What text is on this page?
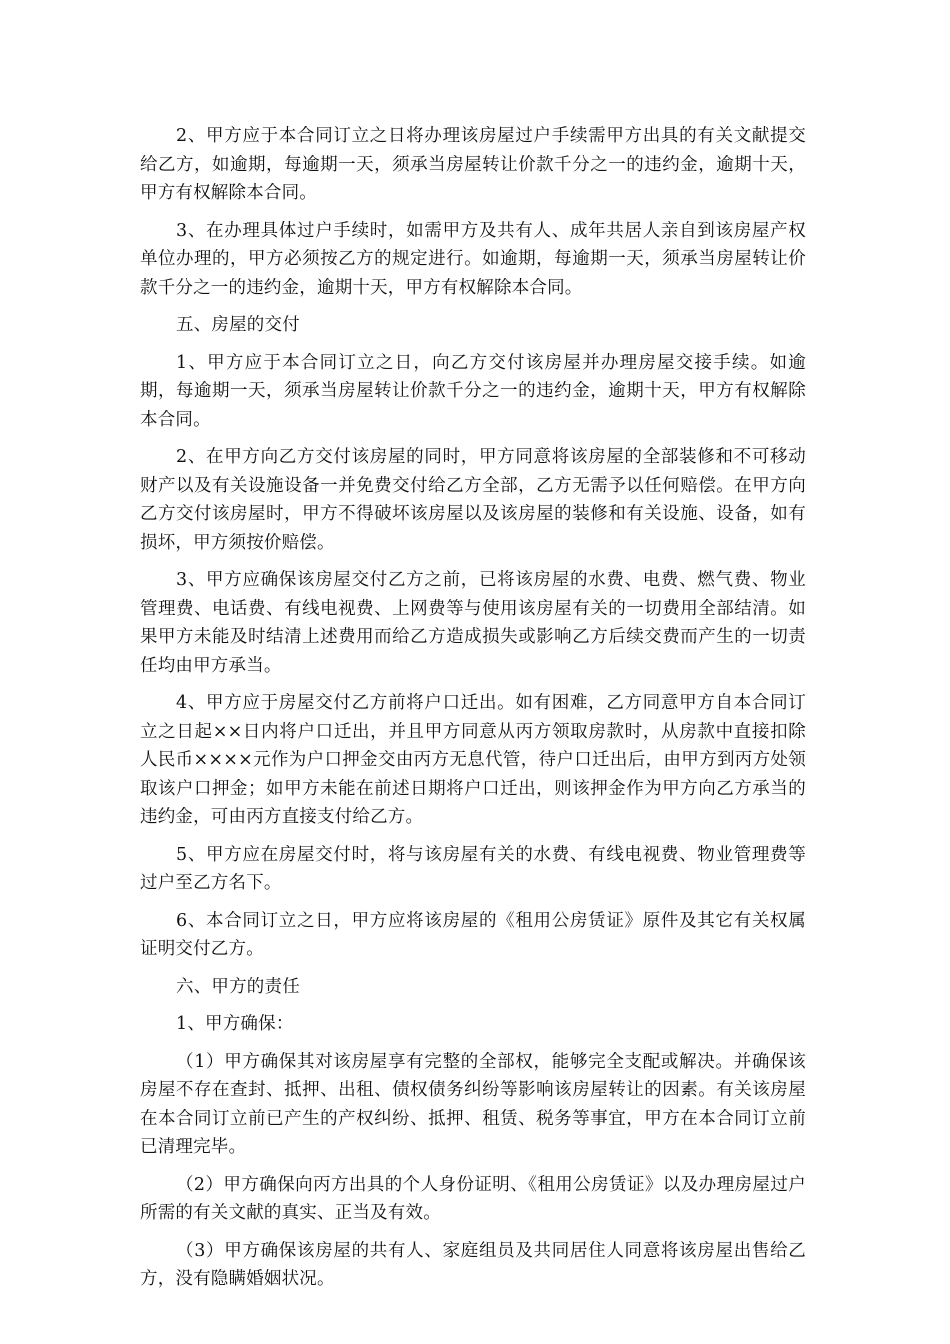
2、甲方应于本合同订立之日将办理该房屋过户手续需甲方出具的有关文献提交给乙方，如逾期，每逾期一天，须承当房屋转让价款千分之一的违约金，逾期十天，甲方有权解除本合同。

3、在办理具体过户手续时，如需甲方及共有人、成年共居人亲自到该房屋产权单位办理的，甲方必须按乙方的规定进行。如逾期，每逾期一天，须承当房屋转让价款千分之一的违约金，逾期十天，甲方有权解除本合同。

五、房屋的交付

1、甲方应于本合同订立之日，向乙方交付该房屋并办理房屋交接手续。如逾期，每逾期一天，须承当房屋转让价款千分之一的违约金，逾期十天，甲方有权解除本合同。

2、在甲方向乙方交付该房屋的同时，甲方同意将该房屋的全部装修和不可移动财产以及有关设施设备一并免费交付给乙方全部，乙方无需予以任何赔偿。在甲方向乙方交付该房屋时，甲方不得破坏该房屋以及该房屋的装修和有关设施、设备，如有损坏，甲方须按价赔偿。

3、甲方应确保该房屋交付乙方之前，已将该房屋的水费、电费、燃气费、物业管理费、电话费、有线电视费、上网费等与使用该房屋有关的一切费用全部结清。如果甲方未能及时结清上述费用而给乙方造成损失或影响乙方后续交费而产生的一切责任均由甲方承当。

4、甲方应于房屋交付乙方前将户口迁出。如有困难，乙方同意甲方自本合同订立之日起××日内将户口迁出，并且甲方同意从丙方领取房款时，从房款中直接扣除人民币××××元作为户口押金交由丙方无息代管，待户口迁出后，由甲方到丙方处领取该户口押金；如甲方未能在前述日期将户口迁出，则该押金作为甲方向乙方承当的违约金，可由丙方直接支付给乙方。

5、甲方应在房屋交付时，将与该房屋有关的水费、有线电视费、物业管理费等过户至乙方名下。

6、本合同订立之日，甲方应将该房屋的《租用公房赁证》原件及其它有关权属证明交付乙方。

六、甲方的责任

1、甲方确保：

（1）甲方确保其对该房屋享有完整的全部权，能够完全支配或解决。并确保该房屋不存在查封、抵押、出租、债权债务纠纷等影响该房屋转让的因素。有关该房屋在本合同订立前已产生的产权纠纷、抵押、租赁、税务等事宜，甲方在本合同订立前已清理完毕。

（2）甲方确保向丙方出具的个人身份证明、《租用公房赁证》以及办理房屋过户所需的有关文献的真实、正当及有效。

（3）甲方确保该房屋的共有人、家庭组员及共同居住人同意将该房屋出售给乙方，没有隐瞒婚姻状况。
